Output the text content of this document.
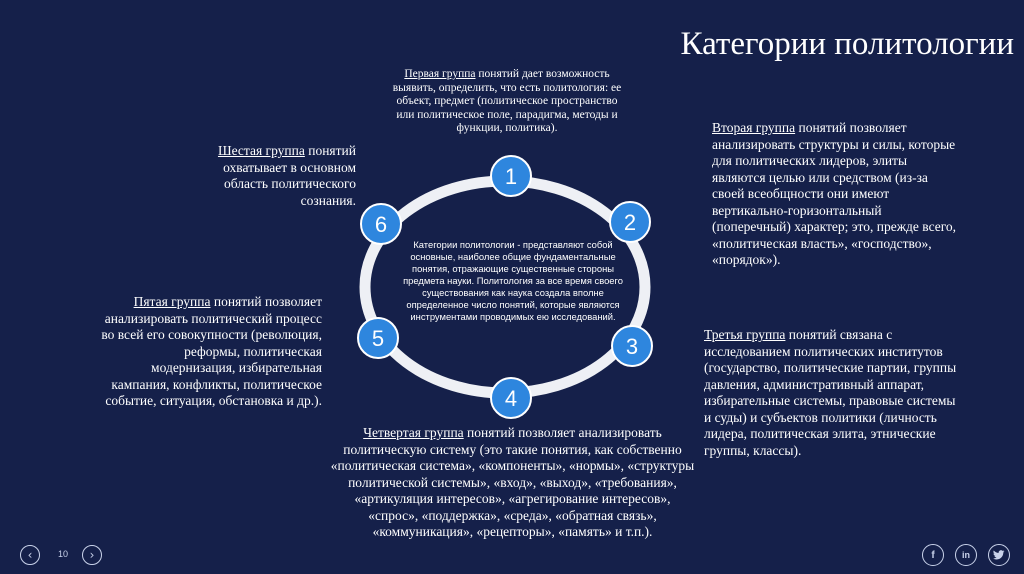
Категории политологии
Первая группа понятий дает возможность выявить, определить, что есть политология: ее объект, предмет (политическое пространство или политическое поле, парадигма, методы и функции, политика).	Вторая группа понятий позволяет анализировать структуры и силы, которые для политических лидеров, элиты являются целью или средством (из-за своей всеобщности они имеют вертикально-горизонтальный (поперечный) характер; это, прежде всего, «политическая власть», «господство», «порядок»).
Третья группа понятий связана с исследованием политических институтов (государство, политические партии, группы давления, административный аппарат, избирательные системы, правовые системы и суды) и субъектов политики (личность лидера, политическая элита, этнические группы, классы).
Четвертая группа понятий позволяет анализировать политическую систему (это такие понятия, как собственно «политическая система», «компоненты», «нормы», «структуры политической системы», «вход», «выход», «требования», «артикуляция интересов», «агрегирование интересов», «спрос», «поддержка», «среда», «обратная связь», «коммуникация», «рецепторы», «память» и т.п.).
Пятая группа понятий позволяет анализировать политический процесс во всей его совокупности (революция, реформы, политическая модернизация, избирательная кампания, конфликты, политическое событие, ситуация, обстановка и др.).
Шестая группа понятий охватывает в основном область политического сознания.
1
2
3
4
5
6
Категории политологии - представляют собой основные, наиболее общие фундаментальные понятия, отражающие существенные стороны предмета науки. Политология за все время своего существования как наука создала вполне определенное число понятий, которые являются инструментами проводимых ею исследований.
‹	10	›	f	in
